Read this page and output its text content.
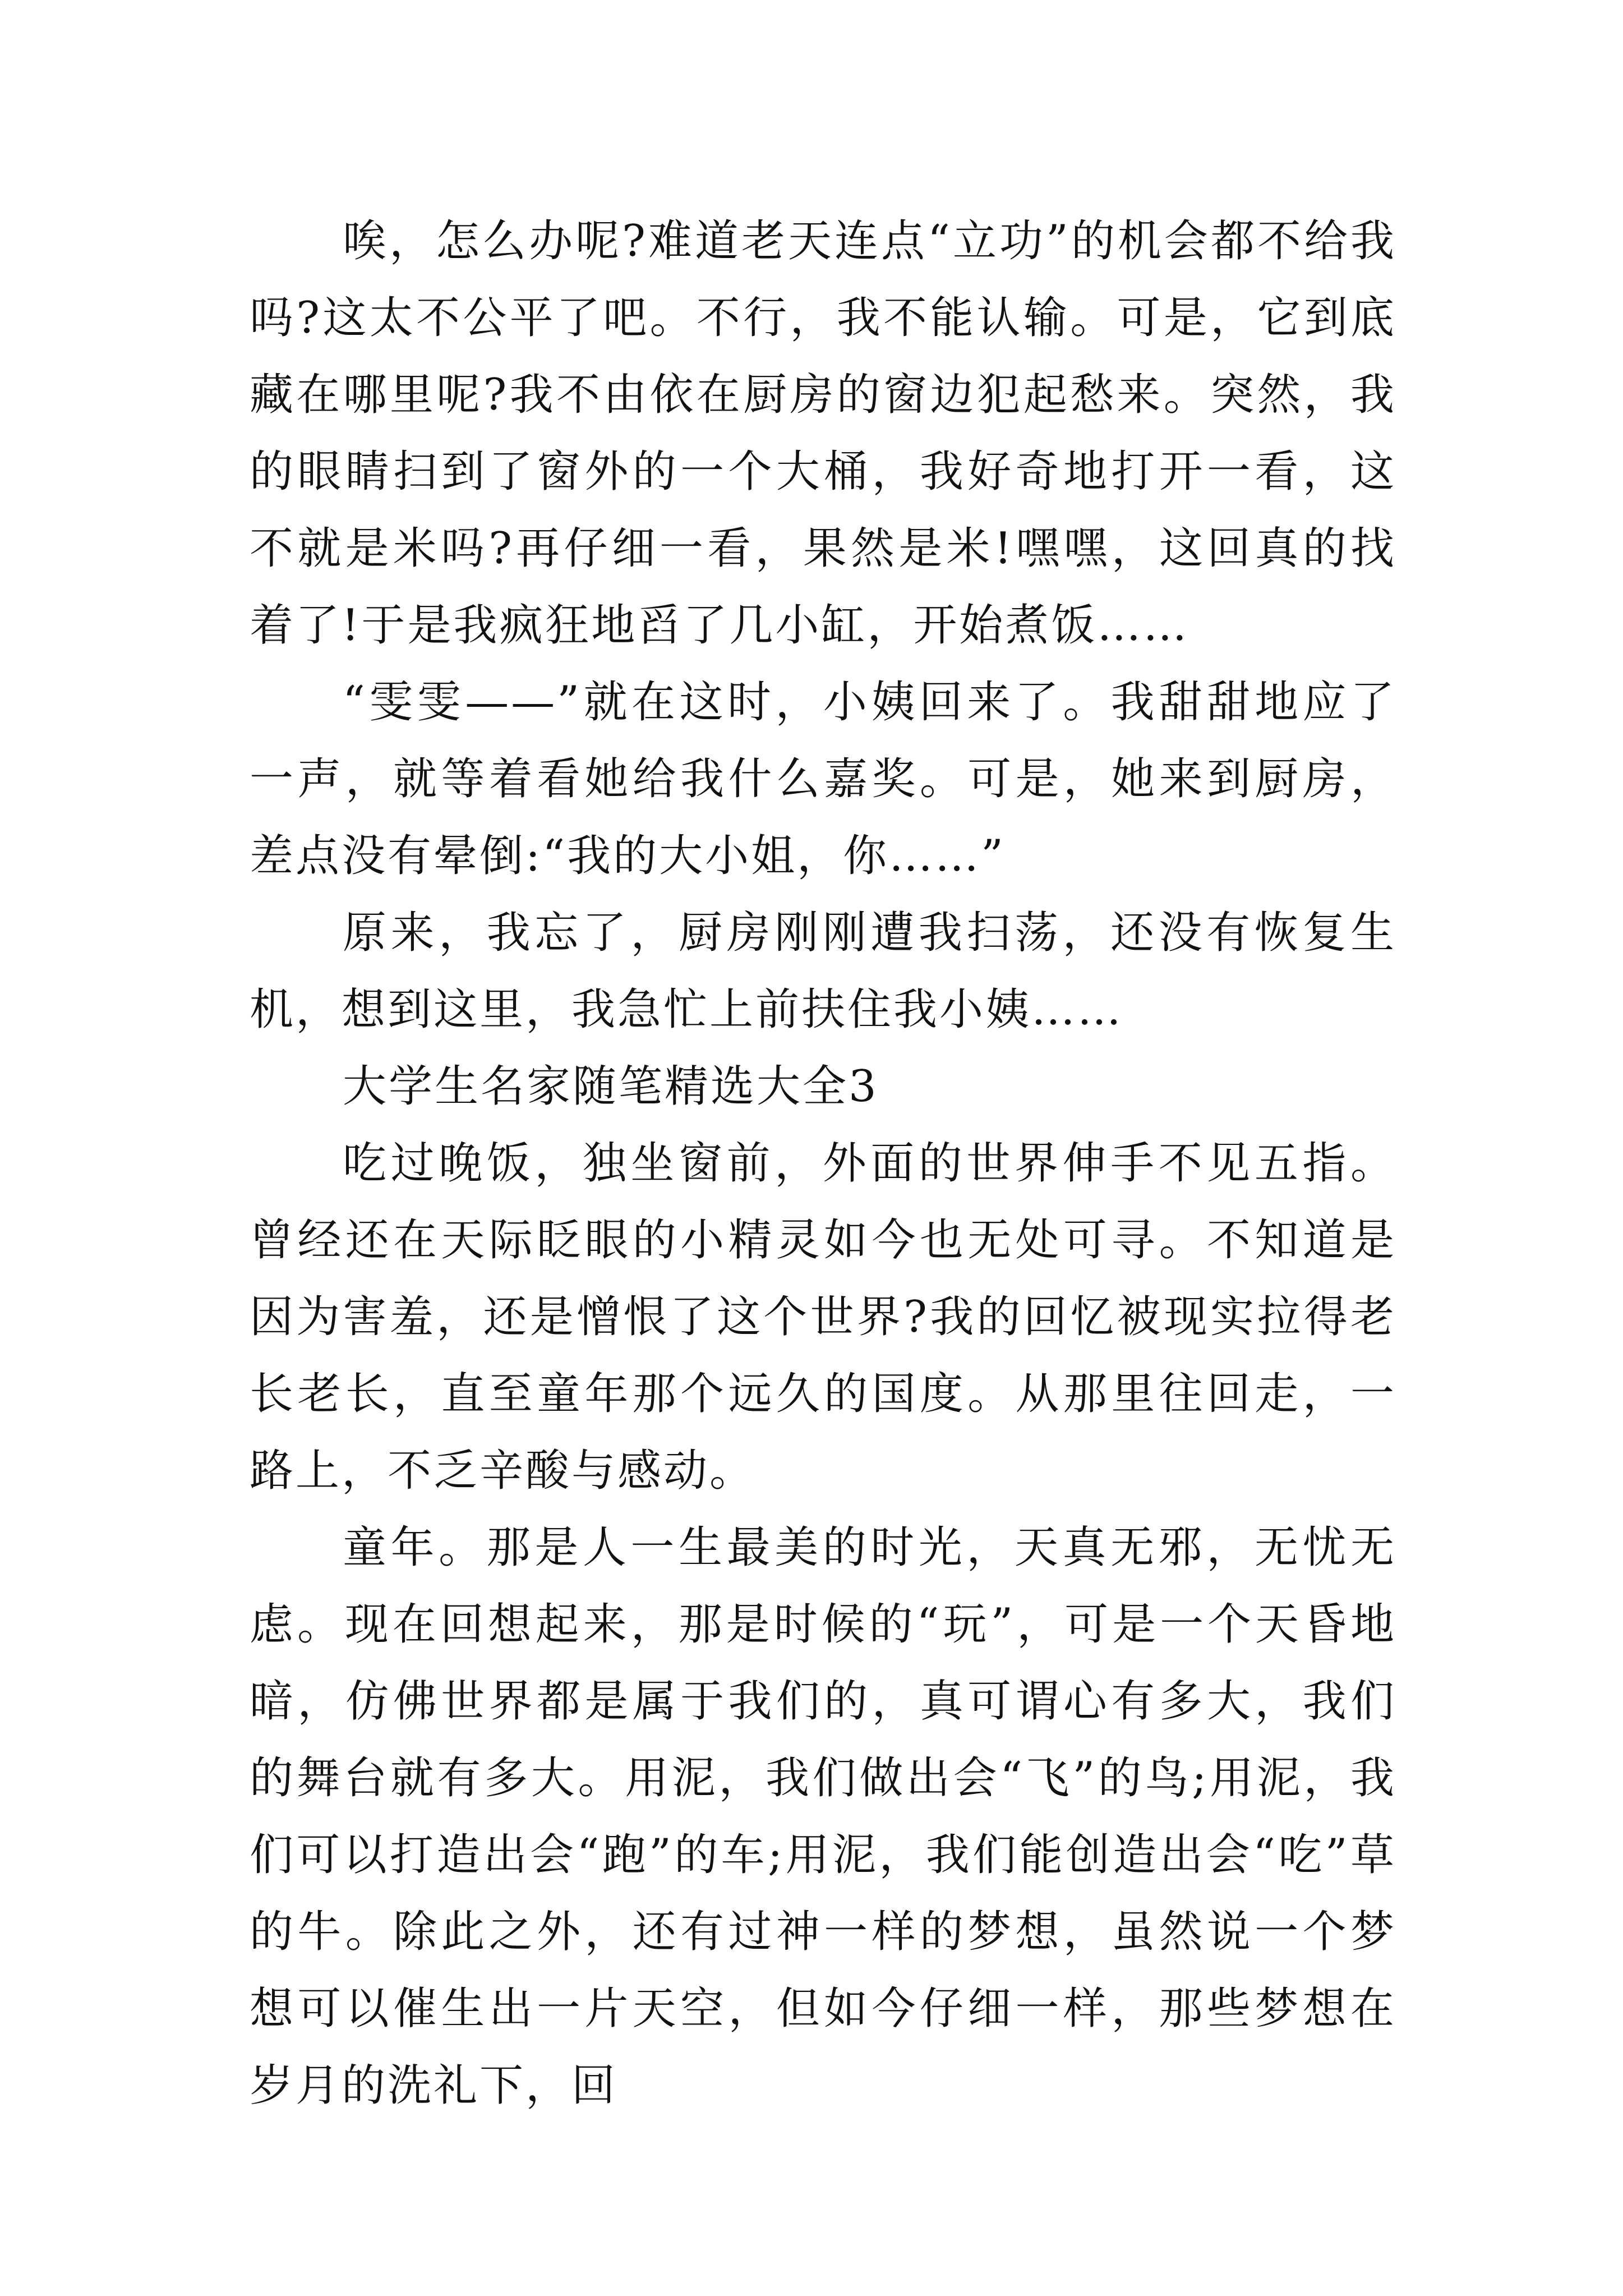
唉，怎么办呢?难道老天连点“立功”的机会都不给我吗?这太不公平了吧。不行，我不能认输。可是，它到底藏在哪里呢?我不由依在厨房的窗边犯起愁来。突然，我的眼睛扫到了窗外的一个大桶，我好奇地打开一看，这不就是米吗?再仔细一看，果然是米!嘿嘿，这回真的找着了!于是我疯狂地舀了几小缸，开始煮饭……

“雯雯——”就在这时，小姨回来了。我甜甜地应了一声，就等着看她给我什么嘉奖。可是，她来到厨房，差点没有晕倒:“我的大小姐，你……”

原来，我忘了，厨房刚刚遭我扫荡，还没有恢复生机，想到这里，我急忙上前扶住我小姨……

大学生名家随笔精选大全3

吃过晚饭，独坐窗前，外面的世界伸手不见五指。曾经还在天际眨眼的小精灵如今也无处可寻。不知道是因为害羞，还是憎恨了这个世界?我的回忆被现实拉得老长老长，直至童年那个远久的国度。从那里往回走，一路上，不乏辛酸与感动。

童年。那是人一生最美的时光，天真无邪，无忧无虑。现在回想起来，那是时候的“玩”，可是一个天昏地暗，仿佛世界都是属于我们的，真可谓心有多大，我们的舞台就有多大。用泥，我们做出会“飞”的鸟;用泥，我们可以打造出会“跑”的车;用泥，我们能创造出会“吃”草的牛。除此之外，还有过神一样的梦想，虽然说一个梦想可以催生出一片天空，但如今仔细一样，那些梦想在岁月的洗礼下，回
